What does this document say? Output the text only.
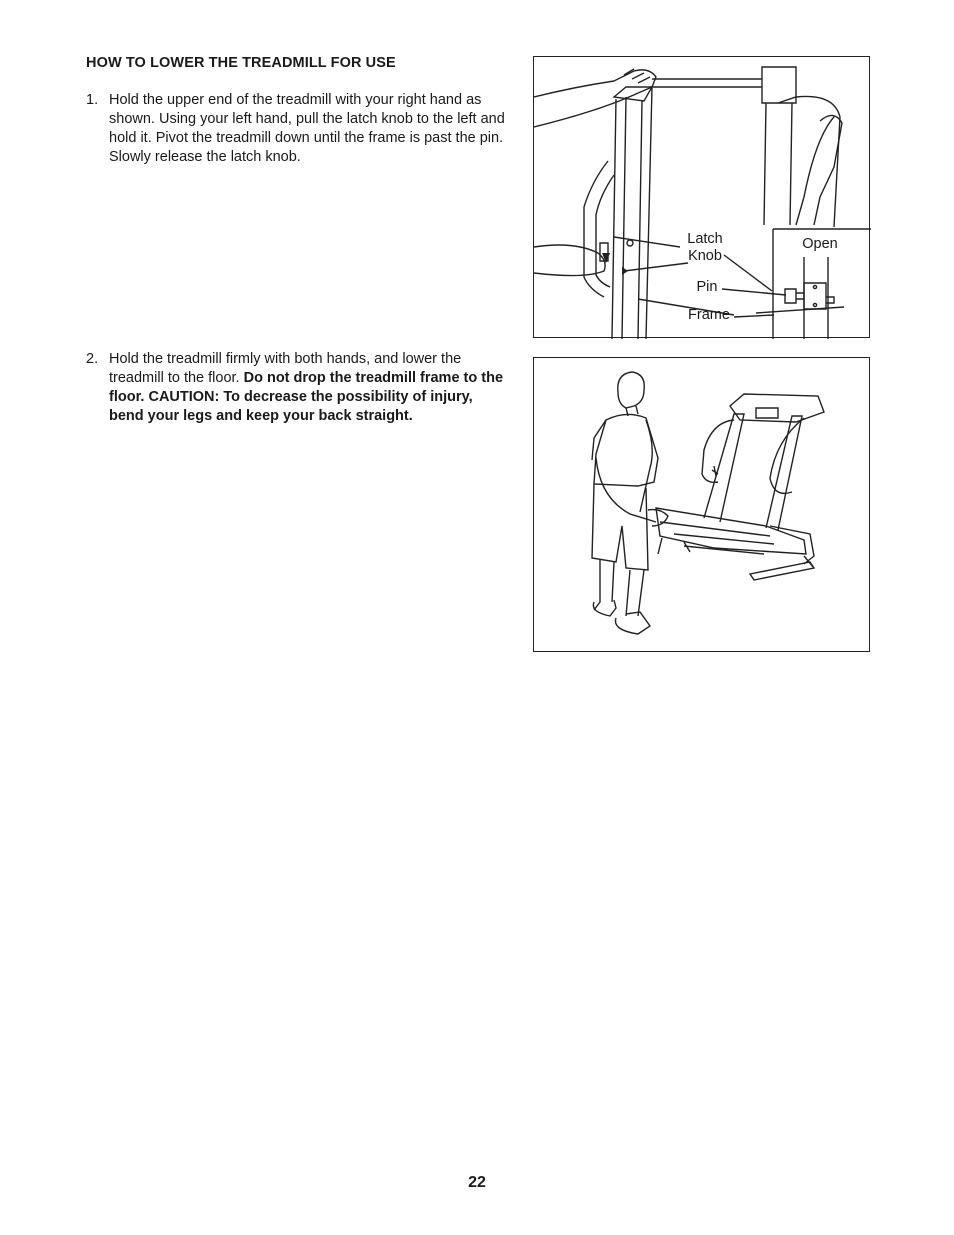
HOW TO LOWER THE TREADMILL FOR USE
1. Hold the upper end of the treadmill with your right hand as shown. Using your left hand, pull the latch knob to the left and hold it. Pivot the treadmill down until the frame is past the pin. Slowly release the latch knob.
2. Hold the treadmill firmly with both hands, and lower the treadmill to the floor. Do not drop the treadmill frame to the floor. CAUTION: To decrease the possibility of injury, bend your legs and keep your back straight.
Latch
Knob
Pin
Frame
Open
22
